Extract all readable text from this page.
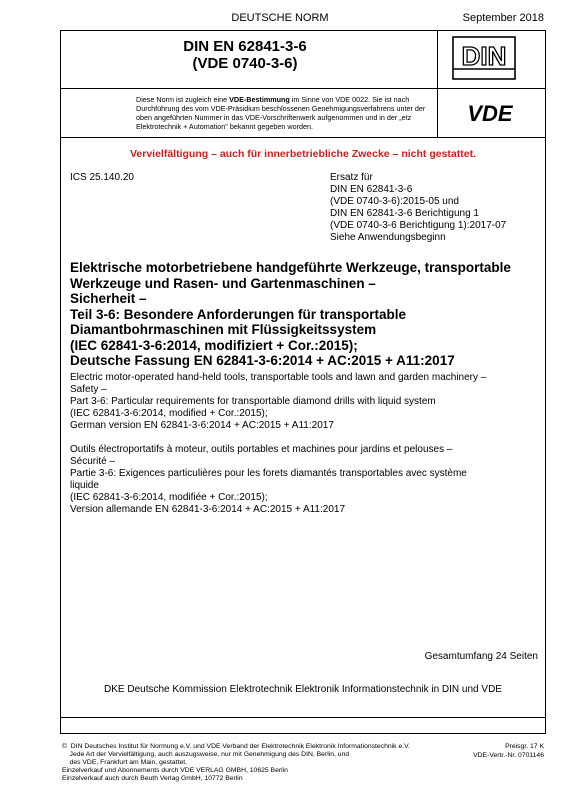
DEUTSCHE NORM	September 2018
DIN EN 62841-3-6
(VDE 0740-3-6)	DIN
Diese Norm ist zugleich eine VDE-Bestimmung im Sinne von VDE 0022. Sie ist nach Durchführung des vom VDE-Präsidium beschlossenen Genehmigungsverfahrens unter der oben angeführten Nummer in das VDE-Vorschriftenwerk aufgenommen und in der „etz Elektrotechnik + Automation" bekannt gegeben worden.
VDE
Vervielfältigung – auch für innerbetriebliche Zwecke – nicht gestattet.
ICS 25.140.20	Ersatz für
DIN EN 62841-3-6
(VDE 0740-3-6):2015-05 und
DIN EN 62841-3-6 Berichtigung 1
(VDE 0740-3-6 Berichtigung 1):2017-07
Siehe Anwendungsbeginn
Elektrische motorbetriebene handgeführte Werkzeuge, transportable
Werkzeuge und Rasen- und Gartenmaschinen –
Sicherheit –
Teil 3-6: Besondere Anforderungen für transportable
Diamantbohrmaschinen mit Flüssigkeitssystem
(IEC 62841-3-6:2014, modifiziert + Cor.:2015);
Deutsche Fassung EN 62841-3-6:2014 + AC:2015 + A11:2017
Electric motor-operated hand-held tools, transportable tools and lawn and garden machinery –
Safety –
Part 3-6: Particular requirements for transportable diamond drills with liquid system
(IEC 62841-3-6:2014, modified + Cor.:2015);
German version EN 62841-3-6:2014 + AC:2015 + A11:2017
Outils électroportatifs à moteur, outils portables et machines pour jardins et pelouses –
Sécurité –
Partie 3-6: Exigences particulières pour les forets diamantés transportables avec système
liquide
(IEC 62841-3-6:2014, modifiée + Cor.:2015);
Version allemande EN 62841-3-6:2014 + AC:2015 + A11:2017
Gesamtumfang 24 Seiten
DKE Deutsche Kommission Elektrotechnik Elektronik Informationstechnik in DIN und VDE
©  DIN Deutsches Institut für Normung e.V. und VDE Verband der Elektrotechnik Elektronik Informationstechnik e.V.
Jede Art der Vervielfältigung, auch auszugsweise, nur mit Genehmigung des DIN, Berlin, und
des VDE, Frankfurt am Main, gestattet.
Einzelverkauf und Abonnements durch VDE VERLAG GMBH, 10625 Berlin
Einzelverkauf auch durch Beuth Verlag GmbH, 10772 Berlin
Preisgr. 17 K
VDE-Vertr.-Nr. 0701146
